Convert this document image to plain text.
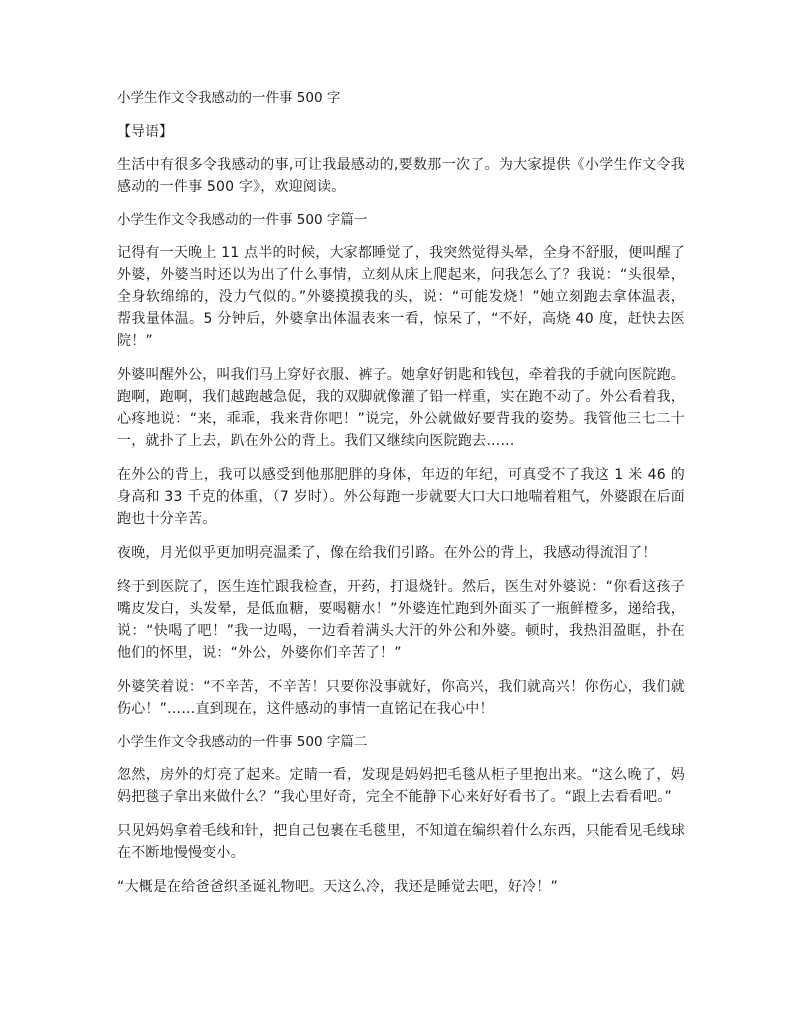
小学生作文令我感动的一件事 500 字
【导语】

生活中有很多令我感动的事,可让我最感动的,要数那一次了。为大家提供《小学生作文令我感动的一件事 500 字》，欢迎阅读。

小学生作文令我感动的一件事 500 字篇一

记得有一天晚上 11 点半的时候，大家都睡觉了，我突然觉得头晕，全身不舒服，便叫醒了外婆，外婆当时还以为出了什么事情，立刻从床上爬起来，问我怎么了？我说：“头很晕，全身软绵绵的，没力气似的。”外婆摸摸我的头，说：“可能发烧！”她立刻跑去拿体温表，帮我量体温。5 分钟后，外婆拿出体温表来一看，惊呆了，“不好，高烧 40 度，赶快去医院！”

外婆叫醒外公，叫我们马上穿好衣服、裤子。她拿好钥匙和钱包，牵着我的手就向医院跑。跑啊，跑啊，我们越跑越急促，我的双脚就像灌了铅一样重，实在跑不动了。外公看着我，心疼地说：“来，乖乖，我来背你吧！”说完，外公就做好要背我的姿势。我管他三七二十一，就扑了上去，趴在外公的背上。我们又继续向医院跑去……

在外公的背上，我可以感受到他那肥胖的身体，年迈的年纪，可真受不了我这 1 米 46 的身高和 33 千克的体重，（7 岁时）。外公每跑一步就要大口大口地喘着粗气，外婆跟在后面跑也十分辛苦。

夜晚，月光似乎更加明亮温柔了，像在给我们引路。在外公的背上，我感动得流泪了！

终于到医院了，医生连忙跟我检查，开药，打退烧针。然后，医生对外婆说：“你看这孩子嘴皮发白，头发晕，是低血糖，要喝糖水！”外婆连忙跑到外面买了一瓶鲜橙多，递给我，说：“快喝了吧！”我一边喝，一边看着满头大汗的外公和外婆。顿时，我热泪盈眶，扑在他们的怀里，说：“外公，外婆你们辛苦了！”

外婆笑着说：“不辛苦，不辛苦！只要你没事就好，你高兴，我们就高兴！你伤心，我们就伤心！”……直到现在，这件感动的事情一直铭记在我心中！

小学生作文令我感动的一件事 500 字篇二

忽然，房外的灯亮了起来。定睛一看，发现是妈妈把毛毯从柜子里抱出来。“这么晚了，妈妈把毯子拿出来做什么？”我心里好奇，完全不能静下心来好好看书了。“跟上去看看吧。”

只见妈妈拿着毛线和针，把自己包裹在毛毯里，不知道在编织着什么东西，只能看见毛线球在不断地慢慢变小。

“大概是在给爸爸织圣诞礼物吧。天这么冷，我还是睡觉去吧，好冷！”
